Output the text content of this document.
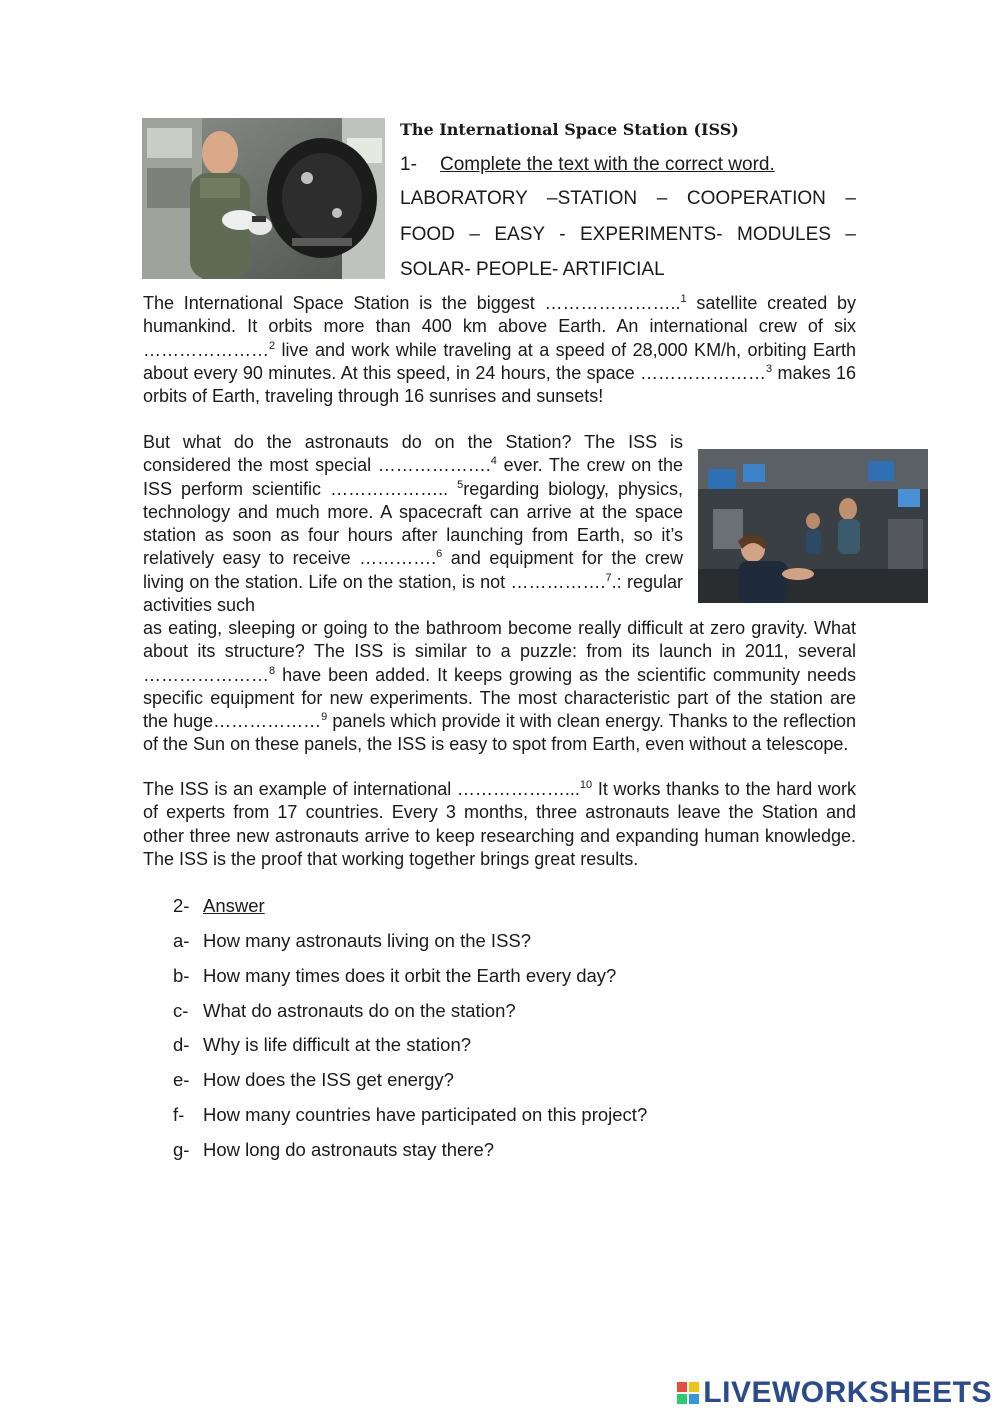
The International Space Station (ISS)
1- Complete the text with the correct word.
LABORATORY –STATION – COOPERATION –
FOOD – EASY - EXPERIMENTS- MODULES –
SOLAR- PEOPLE- ARTIFICIAL

The International Space Station is the biggest …………………..$^1$ satellite created by humankind. It orbits more than 400 km above Earth. An international crew of six …………………$^2$ live and work while traveling at a speed of 28,000 KM/h, orbiting Earth about every 90 minutes. At this speed, in 24 hours, the space …………………$^3$ makes 16 orbits of Earth, traveling through 16 sunrises and sunsets!

But what do the astronauts do on the Station? The ISS is considered the most special ……………….$^4$ ever. The crew on the ISS perform scientific ……………….. $^5$regarding biology, physics, technology and much more. A spacecraft can arrive at the space station as soon as four hours after launching from Earth, so it’s relatively easy to receive ………….$^6$ and equipment for the crew living on the station. Life on the station, is not …………….$^7$.: regular activities such

as eating, sleeping or going to the bathroom become really difficult at zero gravity. What about its structure? The ISS is similar to a puzzle: from its launch in 2011, several …………………$^8$ have been added. It keeps growing as the scientific community needs specific equipment for new experiments. The most characteristic part of the station are the huge………………$^9$ panels which provide it with clean energy. Thanks to the reflection of the Sun on these panels, the ISS is easy to spot from Earth, even without a telescope.

The ISS is an example of international ………………...$^{10}$ It works thanks to the hard work of experts from 17 countries. Every 3 months, three astronauts leave the Station and other three new astronauts arrive to keep researching and expanding human knowledge. The ISS is the proof that working together brings great results.

2- Answer
a- How many astronauts living on the ISS?
b- How many times does it orbit the Earth every day?
c- What do astronauts do on the station?
d- Why is life difficult at the station?
e- How does the ISS get energy?
f- How many countries have participated on this project?
g- How long do astronauts stay there?
LIVEWORKSHEETS
